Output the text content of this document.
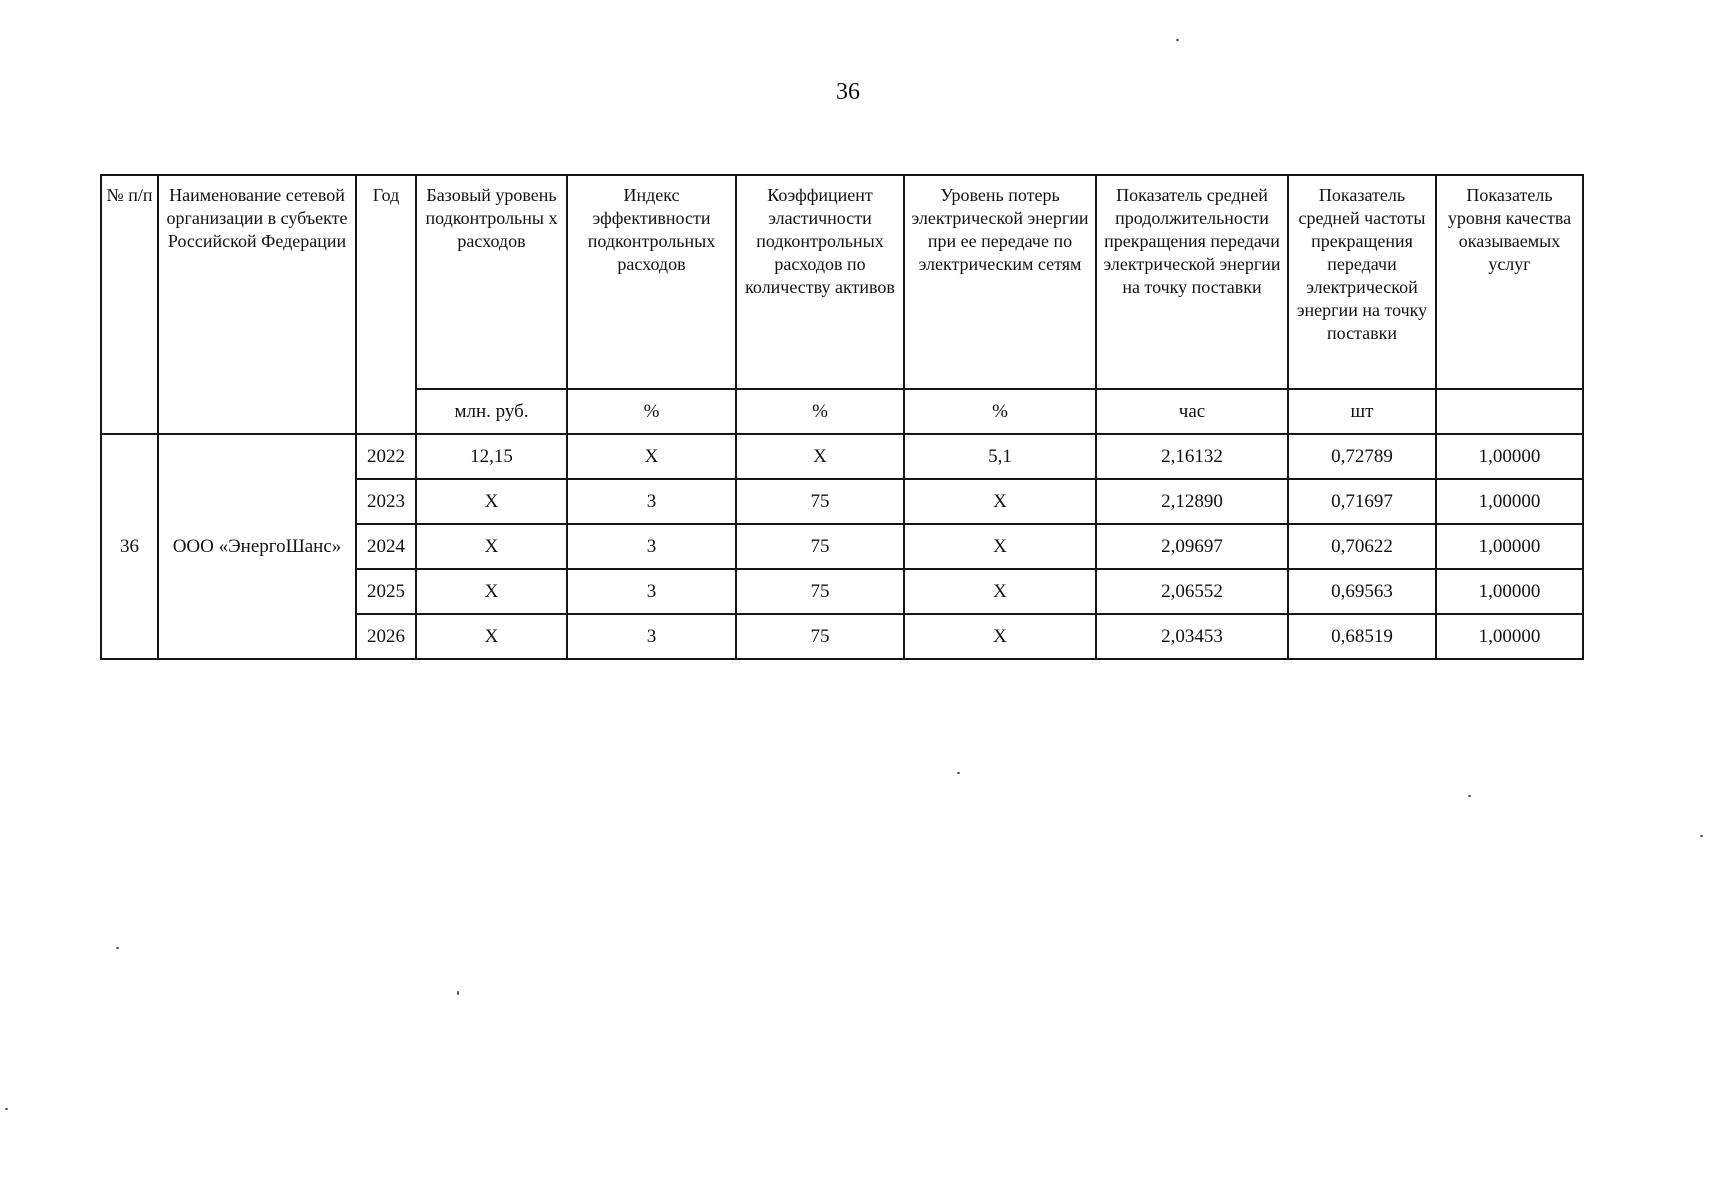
36
№ п/п	Наименование сетевой организации в субъекте Российской Федерации	Год	Базовый уровень подконтрольны х расходов	Индекс эффективности подконтрольных расходов	Коэффициент эластичности подконтрольных расходов по количеству активов	Уровень потерь электрической энергии при ее передаче по электрическим сетям	Показатель средней продолжительности прекращения передачи электрической энергии на точку поставки	Показатель средней частоты прекращения передачи электрической энергии на точку поставки	Показатель уровня качества оказываемых услуг
			млн. руб.	%	%	%	час	шт	
36	ООО «ЭнергоШанс»	2022	12,15	X	X	5,1	2,16132	0,72789	1,00000
		2023	X	3	75	X	2,12890	0,71697	1,00000
		2024	X	3	75	X	2,09697	0,70622	1,00000
		2025	X	3	75	X	2,06552	0,69563	1,00000
		2026	X	3	75	X	2,03453	0,68519	1,00000
